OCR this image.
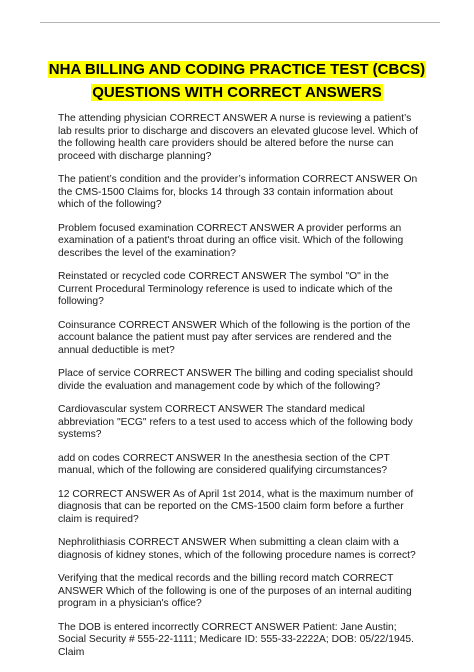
NHA BILLING AND CODING PRACTICE TEST (CBCS)
QUESTIONS WITH CORRECT ANSWERS

The attending physician CORRECT ANSWER A nurse is reviewing a patient’s lab results prior to discharge and discovers an elevated glucose level. Which of the following health care providers should be altered before the nurse can proceed with discharge planning?

The patient’s condition and the provider’s information CORRECT ANSWER On the CMS-1500 Claims for, blocks 14 through 33 contain information about which of the following?

Problem focused examination CORRECT ANSWER A provider performs an examination of a patient's throat during an office visit. Which of the following describes the level of the examination?

Reinstated or recycled code CORRECT ANSWER The symbol "O" in the Current Procedural Terminology reference is used to indicate which of the following?

Coinsurance CORRECT ANSWER Which of the following is the portion of the account balance the patient must pay after services are rendered and the annual deductible is met?

Place of service CORRECT ANSWER The billing and coding specialist should divide the evaluation and management code by which of the following?

Cardiovascular system CORRECT ANSWER The standard medical abbreviation "ECG" refers to a test used to access which of the following body systems?

add on codes CORRECT ANSWER In the anesthesia section of the CPT manual, which of the following are considered qualifying circumstances?

12 CORRECT ANSWER As of April 1st 2014, what is the maximum number of diagnosis that can be reported on the CMS-1500 claim form before a further claim is required?

Nephrolithiasis CORRECT ANSWER When submitting a clean claim with a diagnosis of kidney stones, which of the following procedure names is correct?

Verifying that the medical records and the billing record match CORRECT ANSWER Which of the following is one of the purposes of an internal auditing program in a physician's office?

The DOB is entered incorrectly CORRECT ANSWER Patient: Jane Austin; Social Security # 555-22-1111; Medicare ID: 555-33-2222A; DOB: 05/22/1945. Claim
